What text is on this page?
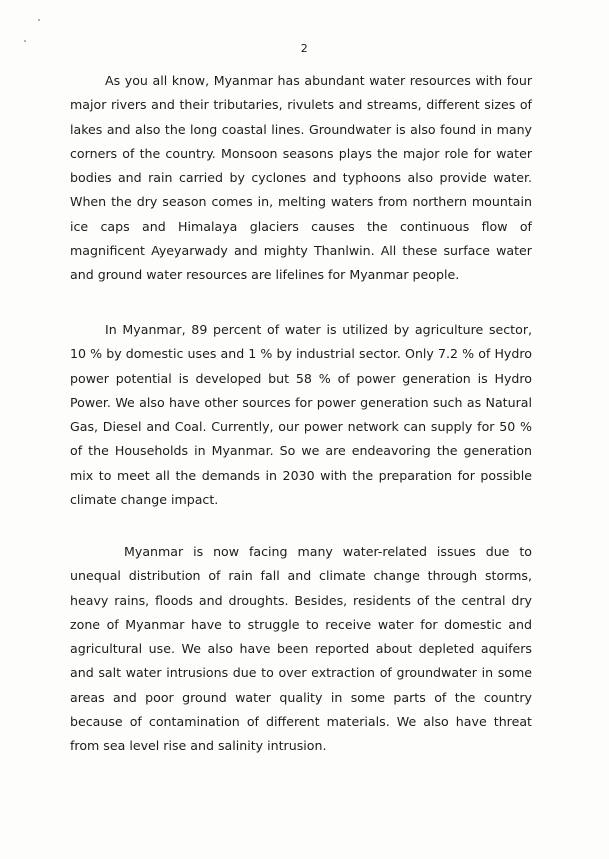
2

As you all know, Myanmar has abundant water resources with four major rivers and their tributaries, rivulets and streams, different sizes of lakes and also the long coastal lines. Groundwater is also found in many corners of the country. Monsoon seasons plays the major role for water bodies and rain carried by cyclones and typhoons also provide water. When the dry season comes in, melting waters from northern mountain ice caps and Himalaya glaciers causes the continuous flow of magnificent Ayeyarwady and mighty Thanlwin. All these surface water and ground water resources are lifelines for Myanmar people.

In Myanmar, 89 percent of water is utilized by agriculture sector, 10 % by domestic uses and 1 % by industrial sector. Only 7.2 % of Hydro power potential is developed but 58 % of power generation is Hydro Power. We also have other sources for power generation such as Natural Gas, Diesel and Coal. Currently, our power network can supply for 50 % of the Households in Myanmar. So we are endeavoring the generation mix to meet all the demands in 2030 with the preparation for possible climate change impact.

Myanmar is now facing many water-related issues due to unequal distribution of rain fall and climate change through storms, heavy rains, floods and droughts. Besides, residents of the central dry zone of Myanmar have to struggle to receive water for domestic and agricultural use. We also have been reported about depleted aquifers and salt water intrusions due to over extraction of groundwater in some areas and poor ground water quality in some parts of the country because of contamination of different materials. We also have threat from sea level rise and salinity intrusion.
